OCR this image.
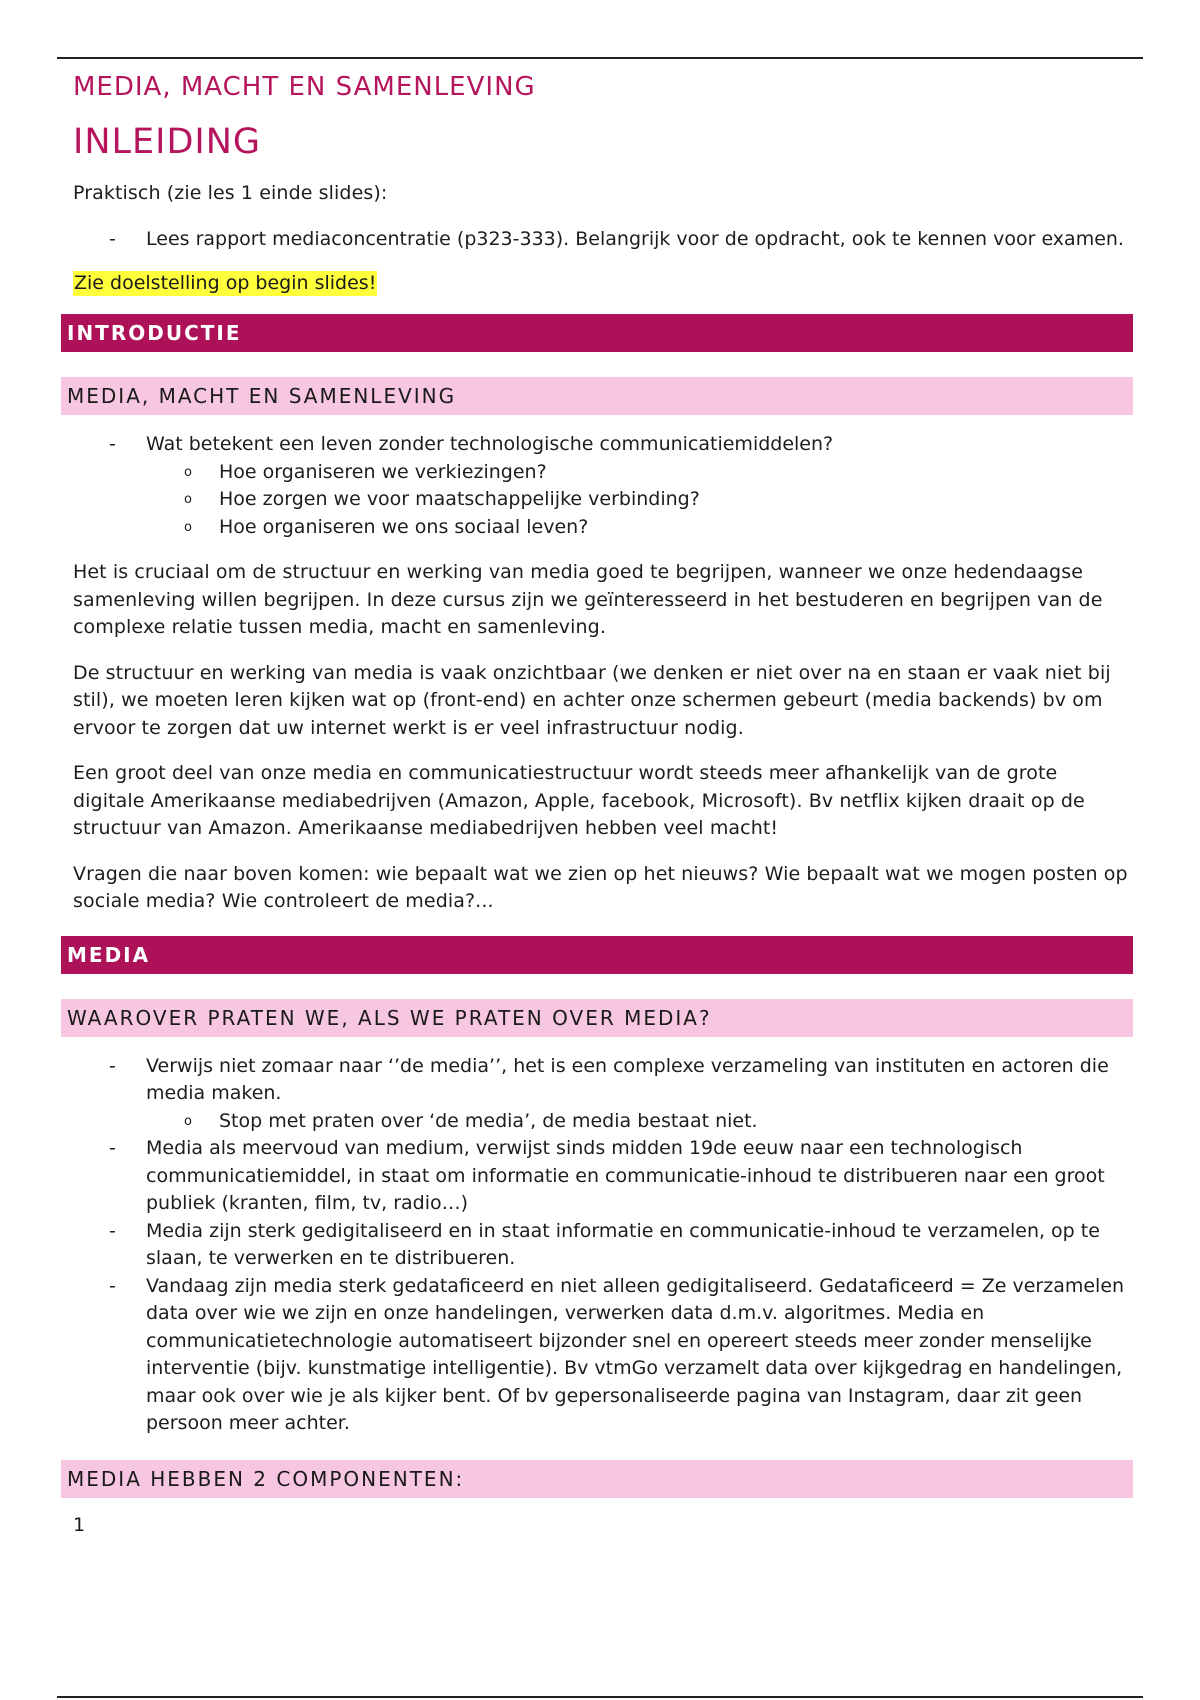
MEDIA, MACHT EN SAMENLEVING
INLEIDING

Praktisch (zie les 1 einde slides):

- Lees rapport mediaconcentratie (p323-333). Belangrijk voor de opdracht, ook te kennen voor examen.
Zie doelstelling op begin slides!
INTRODUCTIE
MEDIA, MACHT EN SAMENLEVING
- Wat betekent een leven zonder technologische communicatiemiddelen?
o Hoe organiseren we verkiezingen?
o Hoe zorgen we voor maatschappelijke verbinding?
o Hoe organiseren we ons sociaal leven?

Het is cruciaal om de structuur en werking van media goed te begrijpen, wanneer we onze hedendaagse samenleving willen begrijpen. In deze cursus zijn we geïnteresseerd in het bestuderen en begrijpen van de complexe relatie tussen media, macht en samenleving.

De structuur en werking van media is vaak onzichtbaar (we denken er niet over na en staan er vaak niet bij stil), we moeten leren kijken wat op (front-end) en achter onze schermen gebeurt (media backends) bv om ervoor te zorgen dat uw internet werkt is er veel infrastructuur nodig.

Een groot deel van onze media en communicatiestructuur wordt steeds meer afhankelijk van de grote digitale Amerikaanse mediabedrijven (Amazon, Apple, facebook, Microsoft). Bv netflix kijken draait op de structuur van Amazon. Amerikaanse mediabedrijven hebben veel macht!

Vragen die naar boven komen: wie bepaalt wat we zien op het nieuws? Wie bepaalt wat we mogen posten op sociale media? Wie controleert de media?...

MEDIA
WAAROVER PRATEN WE, ALS WE PRATEN OVER MEDIA?
- Verwijs niet zomaar naar ‘’de media’’, het is een complexe verzameling van instituten en actoren die media maken.
o Stop met praten over ‘de media’, de media bestaat niet.
- Media als meervoud van medium, verwijst sinds midden 19de eeuw naar een technologisch communicatiemiddel, in staat om informatie en communicatie-inhoud te distribueren naar een groot publiek (kranten, film, tv, radio…)
- Media zijn sterk gedigitaliseerd en in staat informatie en communicatie-inhoud te verzamelen, op te slaan, te verwerken en te distribueren.
- Vandaag zijn media sterk gedataficeerd en niet alleen gedigitaliseerd. Gedataficeerd = Ze verzamelen data over wie we zijn en onze handelingen, verwerken data d.m.v. algoritmes. Media en communicatietechnologie automatiseert bijzonder snel en opereert steeds meer zonder menselijke interventie (bijv. kunstmatige intelligentie). Bv vtmGo verzamelt data over kijkgedrag en handelingen, maar ook over wie je als kijker bent. Of bv gepersonaliseerde pagina van Instagram, daar zit geen persoon meer achter.
MEDIA HEBBEN 2 COMPONENTEN:
1
